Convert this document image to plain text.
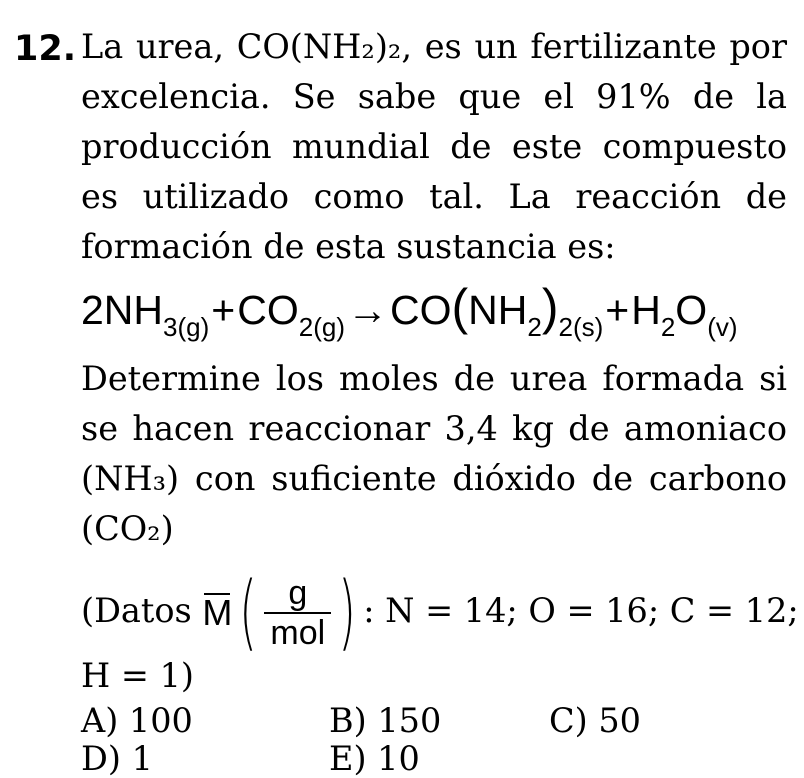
12. La urea, CO(NH₂)₂, es un fertilizante por excelencia. Se sabe que el 91% de la producción mundial de este compuesto es utilizado como tal. La reacción de formación de esta sustancia es:

$2NH_{3(g)}+CO_{2(g)}\to CO(NH_2)_{2(s)}+H_2O_{(v)}$

Determine los moles de urea formada si se hacen reaccionar 3,4 kg de amoniaco (NH₃) con suficiente dióxido de carbono (CO₂)

(Datos $M( \frac{g}{\text{mol}}$ ) : N = 14; O = 16; C = 12;
H = 1)
A) 100	B) 150	C) 50
D) 1	E) 10
